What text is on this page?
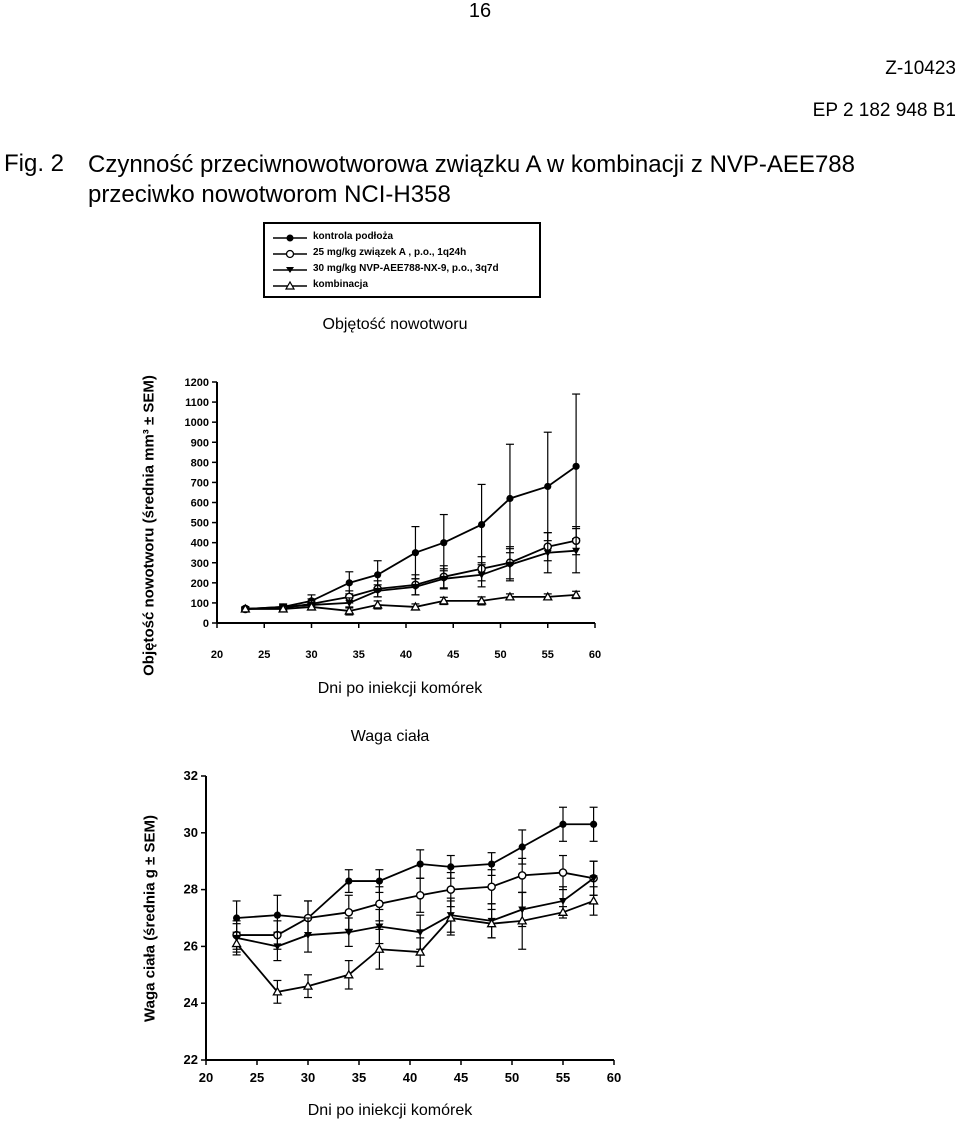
16
Z-10423
EP 2 182 948 B1
Fig. 2 Czynność przeciwnowotworowa związku A w kombinacji z NVP-AEE788
przeciwko nowotworom NCI-H358
kontrola podłoża
25 mg/kg związek A , p.o., 1q24h
30 mg/kg NVP-AEE788-NX-9, p.o., 3q7d
kombinacja
Objętość nowotworu
Objętość nowotworu (średnia mm³ ± SEM)	0
100
200
300
400
500
600
700
800
900
1000
1100
1200
20	25	30	35	40	45	50	55	60
Dni po iniekcji komórek
Waga ciała
Waga ciała (średnia g ± SEM)
22
24
26
28
30
32
20	25	30	35	40	45	50	55	60
Dni po iniekcji komórek
